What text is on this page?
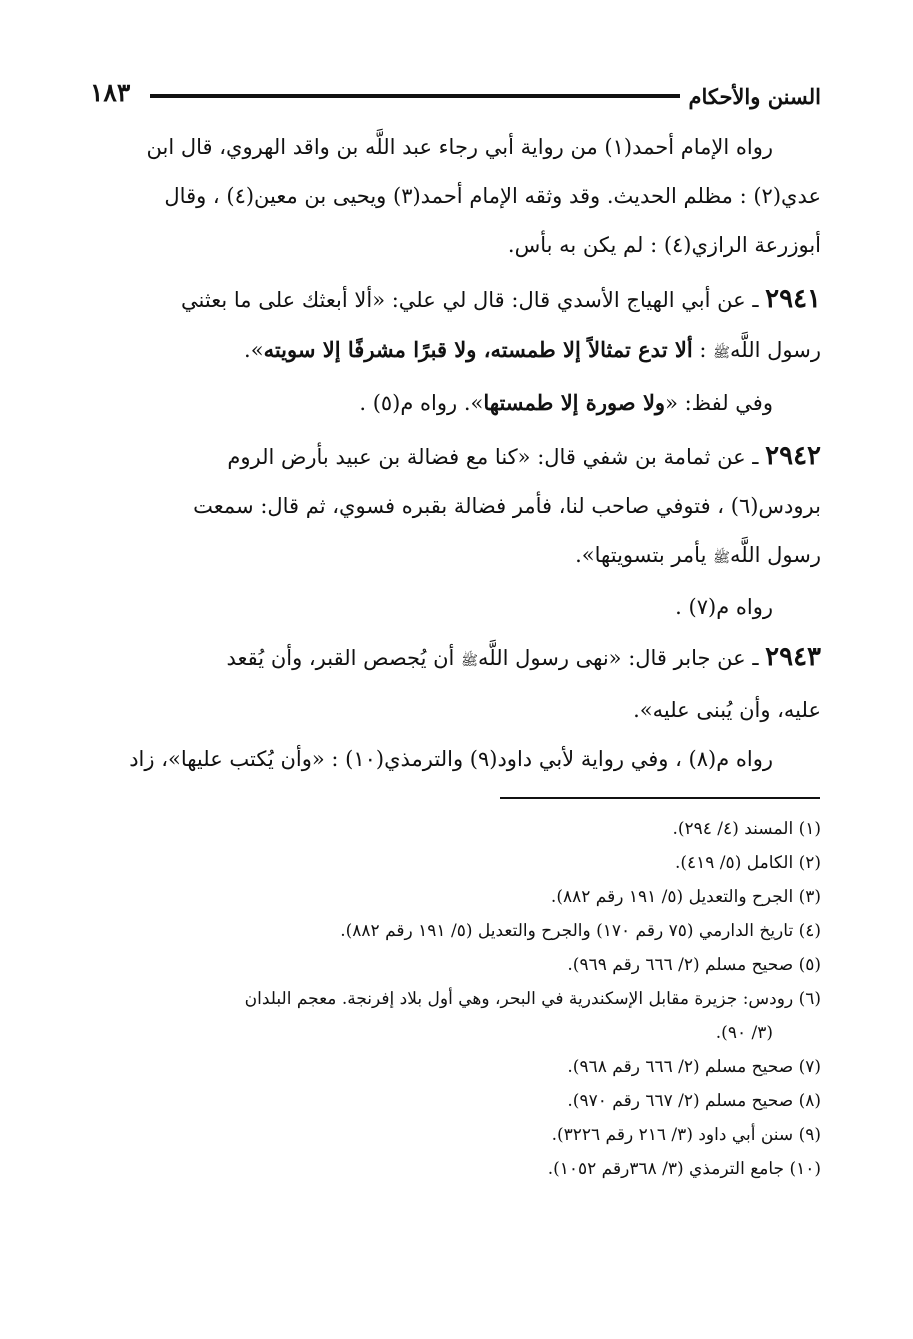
السنن والأحكام
١٨٣
رواه الإمام أحمد(١) من رواية أبي رجاء عبد اللَّه بن واقد الهروي، قال ابن
عدي(٢) : مظلم الحديث. وقد وثقه الإمام أحمد(٣) ويحيى بن معين(٤) ، وقال
أبوزرعة الرازي(٤) : لم يكن به بأس.
٢٩٤١ ـ عن أبي الهياج الأسدي قال: قال لي علي: «ألا أبعثك على ما بعثني
رسول اللَّهﷺ : ألا تدع تمثالاً إلا طمسته، ولا قبرًا مشرفًا إلا سويته».
وفي لفظ: «ولا صورة إلا طمستها». رواه م(٥) .
٢٩٤٢ ـ عن ثمامة بن شفي قال: «كنا مع فضالة بن عبيد بأرض الروم
برودس(٦) ، فتوفي صاحب لنا، فأمر فضالة بقبره فسوي، ثم قال: سمعت
رسول اللَّهﷺ يأمر بتسويتها».
رواه م(٧) .
٢٩٤٣ ـ عن جابر قال: «نهى رسول اللَّهﷺ أن يُجصص القبر، وأن يُقعد
عليه، وأن يُبنى عليه».
رواه م(٨) ، وفي رواية لأبي داود(٩) والترمذي(١٠) : «وأن يُكتب عليها»، زاد
(١) المسند (٤/ ٢٩٤).
(٢) الكامل (٥/ ٤١٩).
(٣) الجرح والتعديل (٥/ ١٩١ رقم ٨٨٢).
(٤) تاريخ الدارمي (٧٥ رقم ١٧٠) والجرح والتعديل (٥/ ١٩١ رقم ٨٨٢).
(٥) صحيح مسلم (٢/ ٦٦٦ رقم ٩٦٩).
(٦) رودس: جزيرة مقابل الإسكندرية في البحر، وهي أول بلاد إفرنجة. معجم البلدان
(٣/ ٩٠).
(٧) صحيح مسلم (٢/ ٦٦٦ رقم ٩٦٨).
(٨) صحيح مسلم (٢/ ٦٦٧ رقم ٩٧٠).
(٩) سنن أبي داود (٣/ ٢١٦ رقم ٣٢٢٦).
(١٠) جامع الترمذي (٣/ ٣٦٨رقم ١٠٥٢).
